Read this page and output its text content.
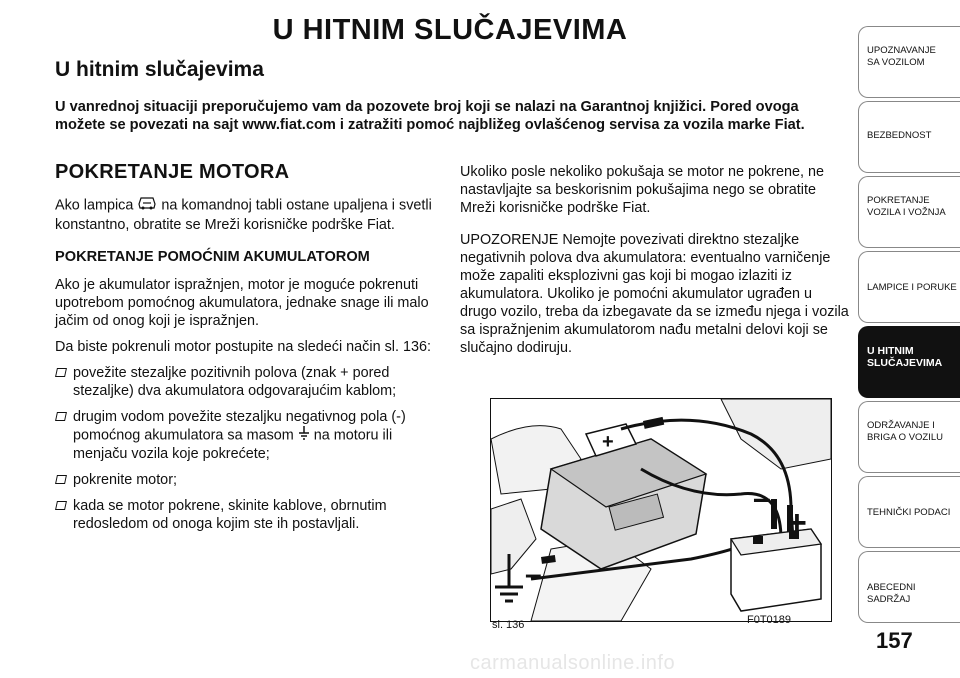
U HITNIM SLUČAJEVIMA
U hitnim slučajevima
U vanrednoj situaciji preporučujemo vam da pozovete broj koji se nalazi na Garantnoj knjižici. Pored ovoga možete se povezati na sajt www.fiat.com i zatražiti pomoć najbližeg ovlašćenog servisa za vozila marke Fiat.
POKRETANJE MOTORA

Ako lampica na komandnoj tabli ostane upaljena i svetli konstantno, obratite se Mreži korisničke podrške Fiat.

POKRETANJE POMOĆNIM AKUMULATOROM

Ako je akumulator ispražnjen, motor je moguće pokrenuti upotrebom pomoćnog akumulatora, jednake snage ili malo jačim od onog koji je ispražnjen.

Da biste pokrenuli motor postupite na sledeći način sl. 136:

povežite stezaljke pozitivnih polova (znak + pored stezaljke) dva akumulatora odgovarajućim kablom;
drugim vodom povežite stezaljku negativnog pola (-) pomoćnog akumulatora sa masom na motoru ili menjaču vozila koje pokrećete;
pokrenite motor;
kada se motor pokrene, skinite kablove, obrnutim redosledom od onoga kojim ste ih postavljali.

Ukoliko posle nekoliko pokušaja se motor ne pokrene, ne nastavljajte sa beskorisnim pokušajima nego se obratite Mreži korisničke podrške Fiat.

UPOZORENJE Nemojte povezivati direktno stezaljke negativnih polova dva akumulatora: eventualno varničenje može zapaliti eksplozivni gas koji bi mogao izlaziti iz akumulatora. Ukoliko je pomoćni akumulator ugrađen u drugo vozilo, treba da izbegavate da se između njega i vozila sa ispražnjenim akumulatorom nađu metalni delovi koji se slučajno dodiruju.

+
–
+
–
sl. 136	F0T0189
UPOZNAVANJE SA VOZILOM
BEZBEDNOST
POKRETANJE VOZILA I VOŽNJA
LAMPICE I PORUKE
U HITNIM SLUČAJEVIMA
ODRŽAVANJE I BRIGA O VOZILU
TEHNIČKI PODACI
ABECEDNI SADRŽAJ
157
carmanualsonline.info
